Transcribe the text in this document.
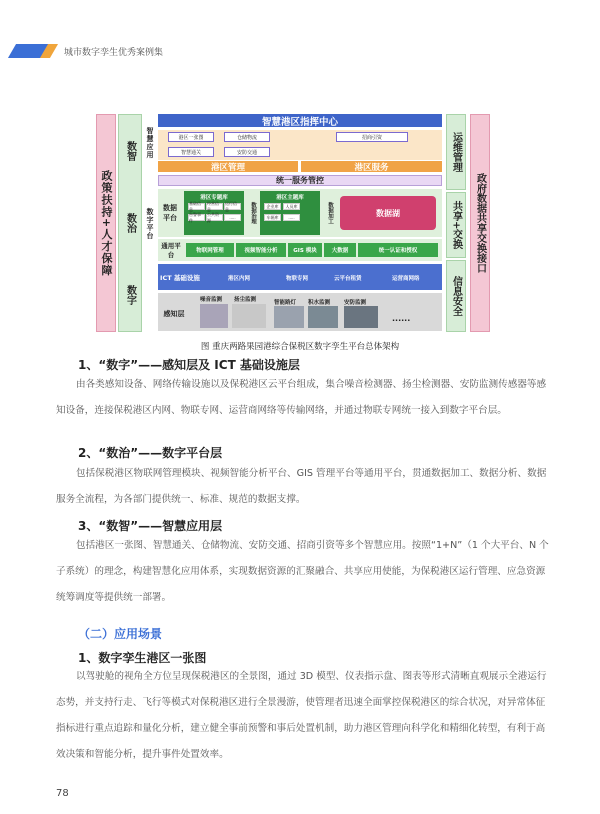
城市数字孪生优秀案例集
政策扶持+人才保障
数智
数治
数字
智慧应用
数字平台
智慧港区指挥中心
港区一张图	仓储物流
智慧通关	安防交通
招商引资
港区管理	港区服务
统一服务管控
数据平台
港区专题库
基础信息
经营信息
运行信息
告警事件
公共资源	.....	数据治理
港区主题库
企业库	人员库
车辆库	.....	数据加工	数据湖
通用平台	物联网管理	视频智能分析	GIS 模块	大数据	统一认证和授权
ICT 基础设施	港区内网	物联专网	云平台租赁	运营商网络
感知层
噪音监测 扬尘监测	智能路灯 积水监测	安防监测
......
运维管理
共享+交换
信息安全
政府数据共享交换接口
图 重庆两路果园港综合保税区数字孪生平台总体架构
1、“数字”——感知层及 ICT 基础设施层
由各类感知设备、网络传输设施以及保税港区云平台组成，集合噪音检测器、扬尘检测器、安防监测传感器等感知设备，连接保税港区内网、物联专网、运营商网络等传输网络，并通过物联专网统一接入到数字平台层。
2、“数治”——数字平台层
包括保税港区物联网管理模块、视频智能分析平台、GIS 管理平台等通用平台，贯通数据加工、数据分析、数据服务全流程，为各部门提供统一、标准、规范的数据支撑。
3、“数智”——智慧应用层
包括港区一张图、智慧通关、仓储物流、安防交通、招商引资等多个智慧应用。按照“1+N”（1 个大平台、N 个子系统）的理念，构建智慧化应用体系，实现数据资源的汇聚融合、共享应用使能，为保税港区运行管理、应急资源统筹调度等提供统一部署。
（二）应用场景
1、数字孪生港区一张图
以驾驶舱的视角全方位呈现保税港区的全景图，通过 3D 模型、仪表指示盘、图表等形式清晰直观展示全港运行态势，并支持行走、飞行等模式对保税港区进行全景漫游，使管理者迅速全面掌控保税港区的综合状况，对异常体征指标进行重点追踪和量化分析，建立健全事前预警和事后处置机制，助力港区管理向科学化和精细化转型，有利于高效决策和智能分析，提升事件处置效率。
78
